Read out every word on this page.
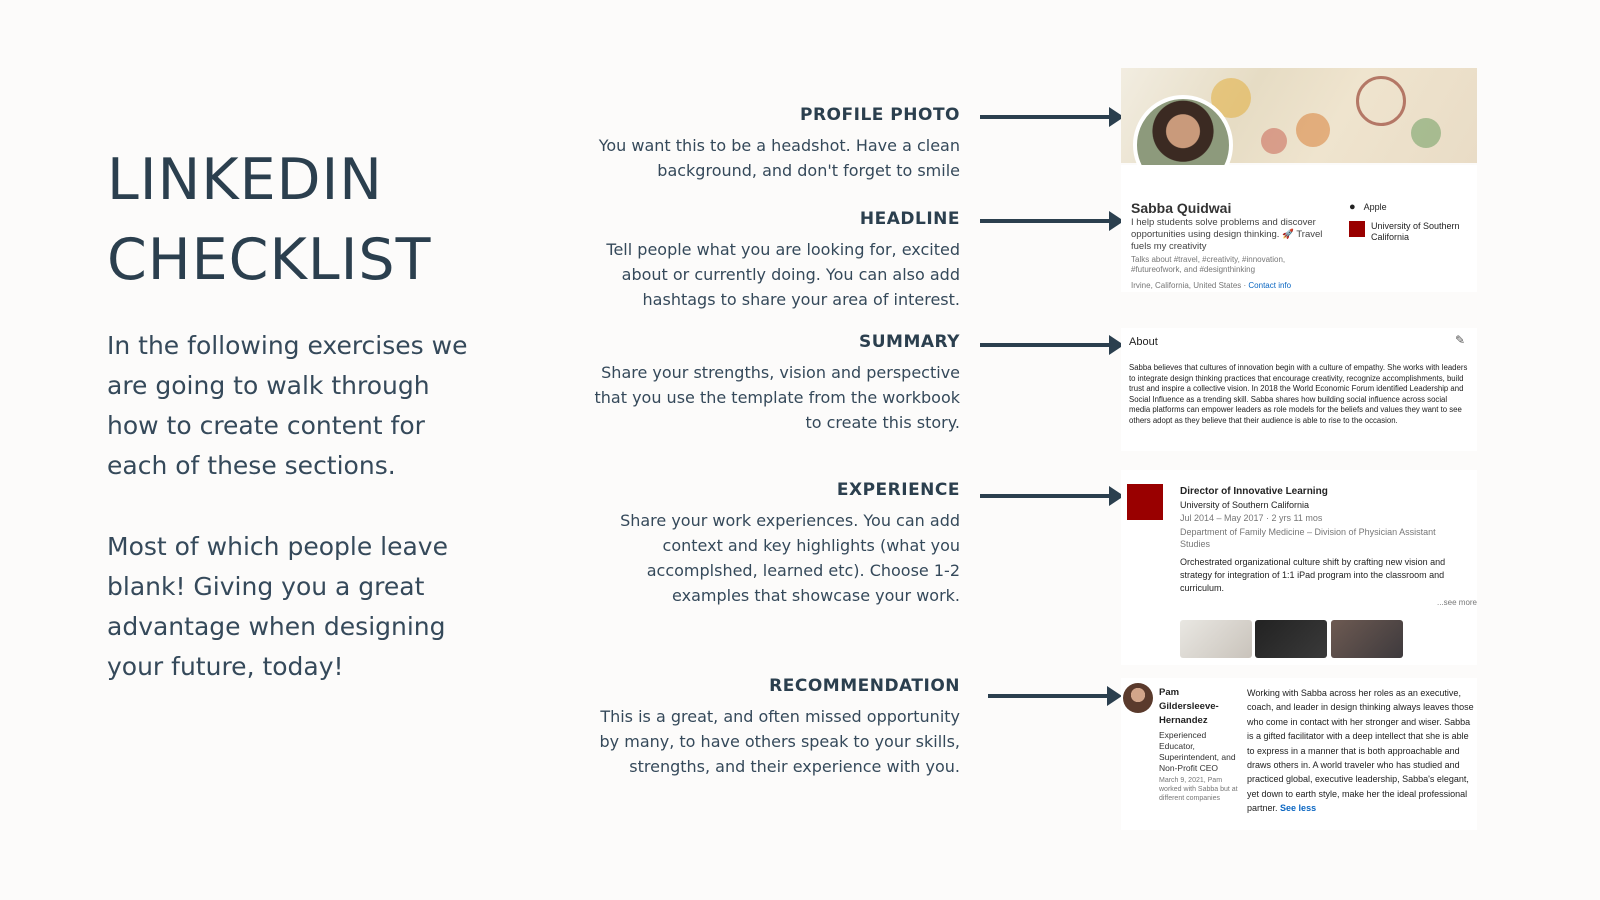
LINKEDIN
CHECKLIST

In the following exercises we are going to walk through how to create content for each of these sections.

Most of which people leave blank! Giving you a great advantage when designing your future, today!

PROFILE PHOTO

You want this to be a headshot. Have a clean background, and don't forget to smile

HEADLINE

Tell people what you are looking for, excited about or currently doing. You can also add hashtags to share your area of interest.

SUMMARY

Share your strengths, vision and perspective that you use the template from the workbook to create this story.

EXPERIENCE

Share your work experiences. You can add context and key highlights (what you accomplshed, learned etc). Choose 1-2 examples that showcase your work.

RECOMMENDATION

This is a great, and often missed opportunity by many, to have others speak to your skills, strengths, and their experience with you.

Sabba Quidwai
I help students solve problems and discover opportunities using design thinking. 🚀 Travel fuels my creativity
Talks about #travel, #creativity, #innovation, #futureofwork, and #designthinking
Irvine, California, United States · Contact info
● Apple
University of Southern California
About	✎
Sabba believes that cultures of innovation begin with a culture of empathy. She works with leaders to integrate design thinking practices that encourage creativity, recognize accomplishments, build trust and inspire a collective vision. In 2018 the World Economic Forum identified Leadership and Social Influence as a trending skill. Sabba shares how building social influence across social media platforms can empower leaders as role models for the beliefs and values they want to see others adopt as they believe that their audience is able to rise to the occasion.
Director of Innovative Learning
University of Southern California
Jul 2014 – May 2017 · 2 yrs 11 mos
Department of Family Medicine – Division of Physician Assistant Studies
Orchestrated organizational culture shift by crafting new vision and strategy for integration of 1:1 iPad program into the classroom and curriculum.
...see more
Pam Gildersleeve-Hernandez
Experienced Educator, Superintendent, and Non-Profit CEO
March 9, 2021, Pam worked with Sabba but at different companies
Working with Sabba across her roles as an executive, coach, and leader in design thinking always leaves those who come in contact with her stronger and wiser. Sabba is a gifted facilitator with a deep intellect that she is able to express in a manner that is both approachable and draws others in. A world traveler who has studied and practiced global, executive leadership, Sabba's elegant, yet down to earth style, make her the ideal professional partner. See less
